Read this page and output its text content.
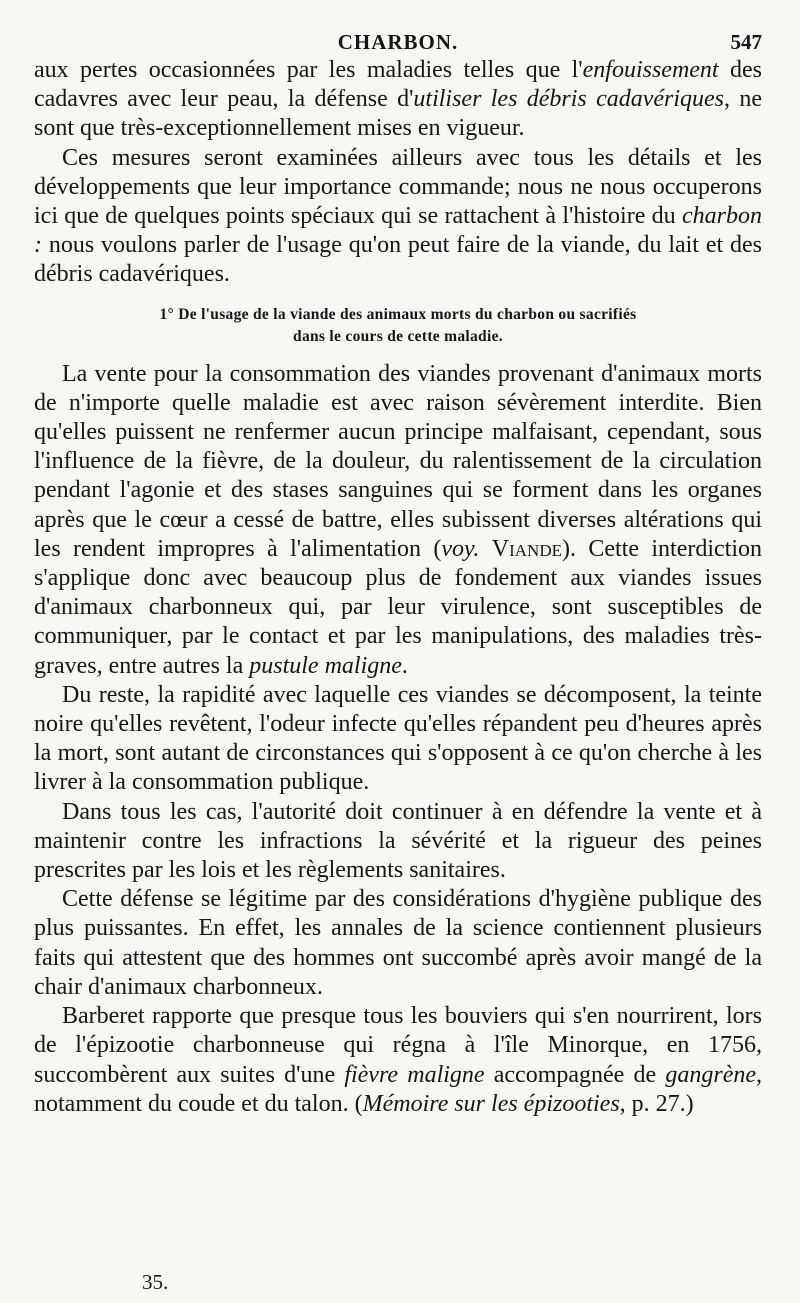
CHARBON.	547

aux pertes occasionnées par les maladies telles que l'enfouissement des cadavres avec leur peau, la défense d'utiliser les débris cadavériques, ne sont que très-exceptionnellement mises en vigueur.

Ces mesures seront examinées ailleurs avec tous les détails et les développements que leur importance commande; nous ne nous occuperons ici que de quelques points spéciaux qui se rattachent à l'histoire du charbon : nous voulons parler de l'usage qu'on peut faire de la viande, du lait et des débris cadavériques.

1° De l'usage de la viande des animaux morts du charbon ou sacrifiés
dans le cours de cette maladie.

La vente pour la consommation des viandes provenant d'animaux morts de n'importe quelle maladie est avec raison sévèrement interdite. Bien qu'elles puissent ne renfermer aucun principe malfaisant, cependant, sous l'influence de la fièvre, de la douleur, du ralentissement de la circulation pendant l'agonie et des stases sanguines qui se forment dans les organes après que le cœur a cessé de battre, elles subissent diverses altérations qui les rendent impropres à l'alimentation (voy. Viande). Cette interdiction s'applique donc avec beaucoup plus de fondement aux viandes issues d'animaux charbonneux qui, par leur virulence, sont susceptibles de communiquer, par le contact et par les manipulations, des maladies très-graves, entre autres la pustule maligne.

Du reste, la rapidité avec laquelle ces viandes se décomposent, la teinte noire qu'elles revêtent, l'odeur infecte qu'elles répandent peu d'heures après la mort, sont autant de circonstances qui s'opposent à ce qu'on cherche à les livrer à la consommation publique.

Dans tous les cas, l'autorité doit continuer à en défendre la vente et à maintenir contre les infractions la sévérité et la rigueur des peines prescrites par les lois et les règlements sanitaires.

Cette défense se légitime par des considérations d'hygiène publique des plus puissantes. En effet, les annales de la science contiennent plusieurs faits qui attestent que des hommes ont succombé après avoir mangé de la chair d'animaux charbonneux.

Barberet rapporte que presque tous les bouviers qui s'en nourrirent, lors de l'épizootie charbonneuse qui régna à l'île Minorque, en 1756, succombèrent aux suites d'une fièvre maligne accompagnée de gangrène, notamment du coude et du talon. (Mémoire sur les épizooties, p. 27.)

35.
